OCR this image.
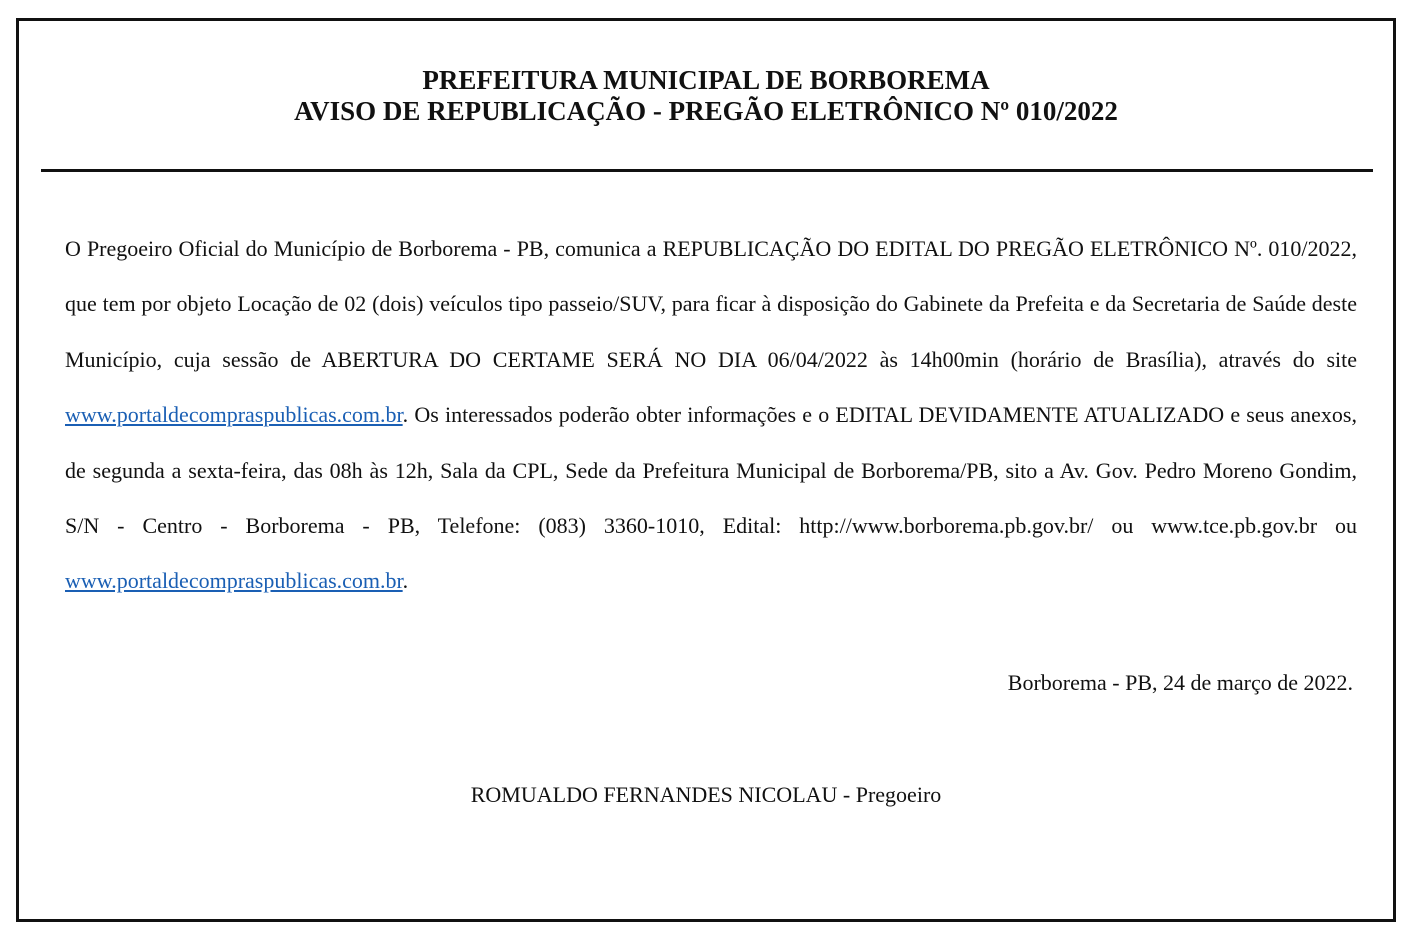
PREFEITURA MUNICIPAL DE BORBOREMA
AVISO DE REPUBLICAÇÃO - PREGÃO ELETRÔNICO Nº 010/2022

O Pregoeiro Oficial do Município de Borborema - PB, comunica a REPUBLICAÇÃO DO EDITAL DO PREGÃO ELETRÔNICO Nº. 010/2022, que tem por objeto Locação de 02 (dois) veículos tipo passeio/SUV, para ficar à disposição do Gabinete da Prefeita e da Secretaria de Saúde deste Município, cuja sessão de ABERTURA DO CERTAME SERÁ NO DIA 06/04/2022 às 14h00min (horário de Brasília), através do site www.portaldecompraspublicas.com.br. Os interessados poderão obter informações e o EDITAL DEVIDAMENTE ATUALIZADO e seus anexos, de segunda a sexta-feira, das 08h às 12h, Sala da CPL, Sede da Prefeitura Municipal de Borborema/PB, sito a Av. Gov. Pedro Moreno Gondim, S/N - Centro - Borborema - PB, Telefone: (083) 3360-1010, Edital: http://www.borborema.pb.gov.br/ ou www.tce.pb.gov.br ou www.portaldecompraspublicas.com.br.

Borborema - PB, 24 de março de 2022.
ROMUALDO FERNANDES NICOLAU - Pregoeiro
